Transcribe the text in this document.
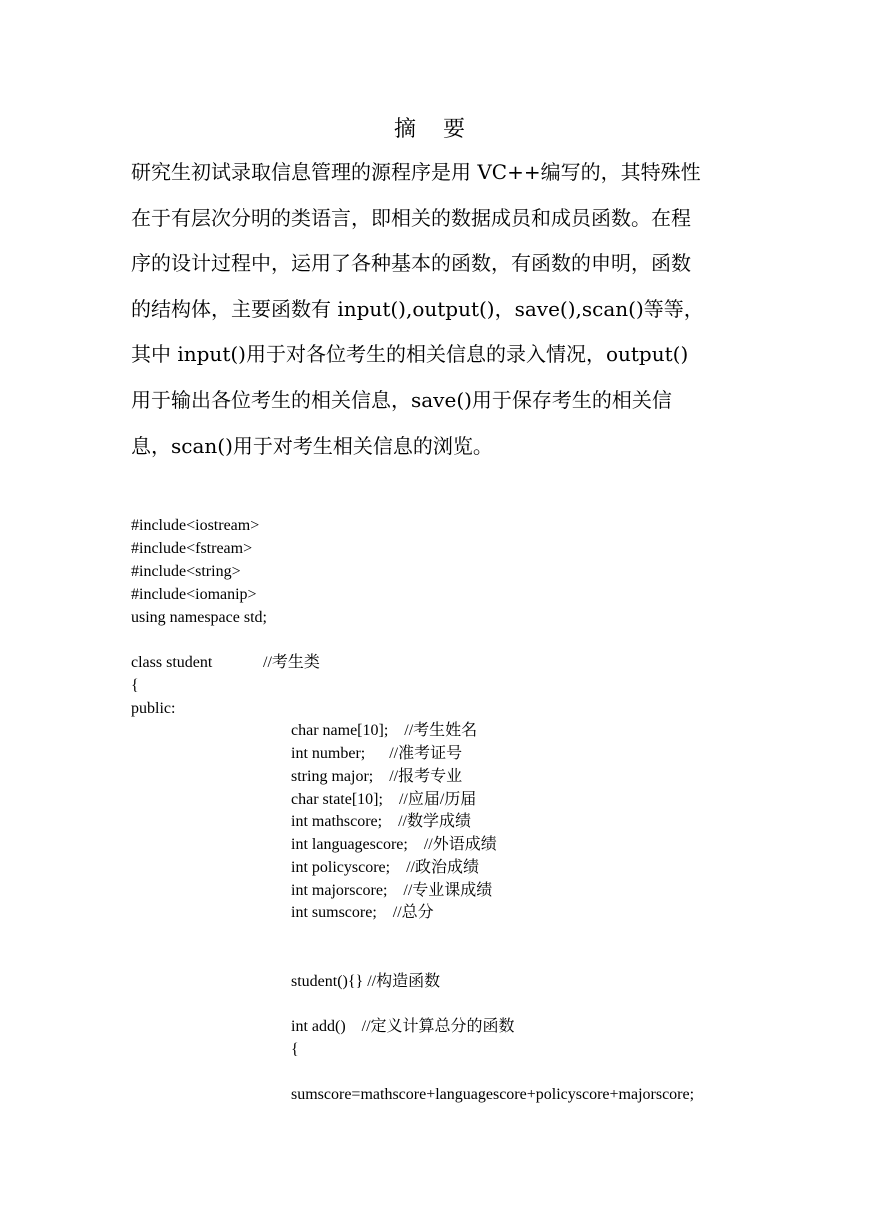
摘 要
研究生初试录取信息管理的源程序是用 VC++编写的，其特殊性
在于有层次分明的类语言，即相关的数据成员和成员函数。在程
序的设计过程中，运用了各种基本的函数，有函数的申明，函数
的结构体，主要函数有 input(),output()，save(),scan()等等，
其中 input()用于对各位考生的相关信息的录入情况，output()
用于输出各位考生的相关信息，save()用于保存考生的相关信
息，scan()用于对考生相关信息的浏览。
#include<iostream>
#include<fstream>
#include<string>
#include<iomanip>
using namespace std;
class student	//考生类
{
public:
char name[10];    //考生姓名
int number;      //准考证号
string major;    //报考专业
char state[10];    //应届/历届
int mathscore;    //数学成绩
int languagescore;    //外语成绩
int policyscore;    //政治成绩
int majorscore;    //专业课成绩
int sumscore;    //总分
student(){} //构造函数
int add()    //定义计算总分的函数
{
sumscore=mathscore+languagescore+policyscore+majorscore;
